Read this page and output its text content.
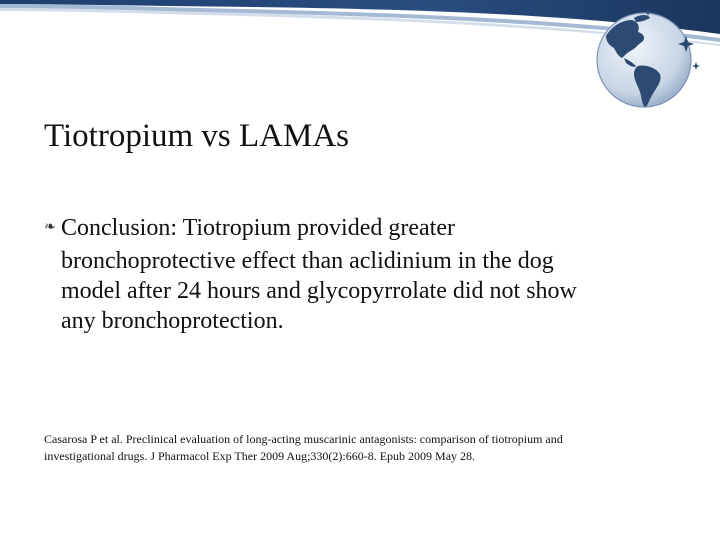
Tiotropium vs LAMAs
❧ Conclusion: Tiotropium provided greater
bronchoprotective effect than aclidinium in the dog
model after 24 hours and glycopyrrolate did not show
any bronchoprotection.
Casarosa P et al. Preclinical evaluation of long-acting muscarinic antagonists: comparison of tiotropium and
investigational drugs. J Pharmacol Exp Ther 2009 Aug;330(2):660-8. Epub 2009 May 28.
